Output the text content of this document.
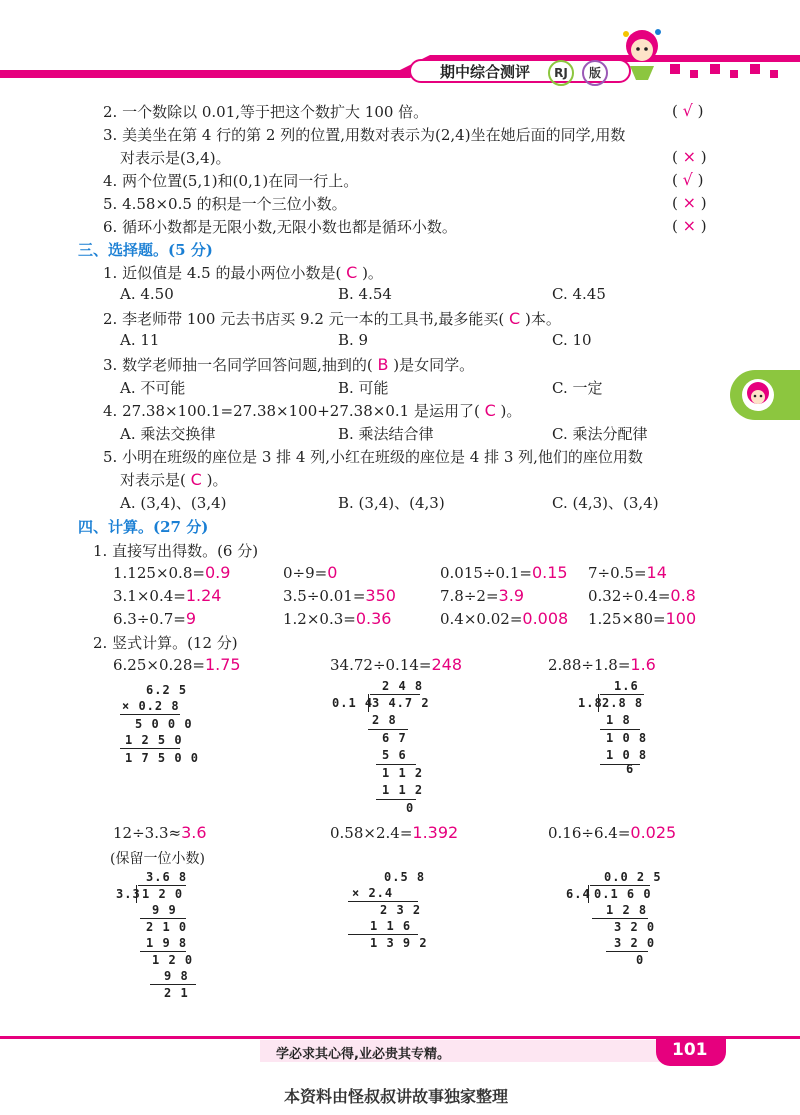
期中综合测评	RJ	版
2. 一个数除以 0.01,等于把这个数扩大 100 倍。	( √ )
3. 美美坐在第 4 行的第 2 列的位置,用数对表示为(2,4)坐在她后面的同学,用数
对表示是(3,4)。	( × )
4. 两个位置(5,1)和(0,1)在同一行上。	( √ )
5. 4.58×0.5 的积是一个三位小数。	( × )
6. 循环小数都是无限小数,无限小数也都是循环小数。	( × )
三、选择题。(5 分)
1. 近似值是 4.5 的最小两位小数是( C )。
A. 4.50	B. 4.54	C. 4.45
2. 李老师带 100 元去书店买 9.2 元一本的工具书,最多能买( C )本。
A. 11	B. 9	C. 10
3. 数学老师抽一名同学回答问题,抽到的( B )是女同学。
A. 不可能	B. 可能	C. 一定
4. 27.38×100.1=27.38×100+27.38×0.1 是运用了( C )。
A. 乘法交换律	B. 乘法结合律	C. 乘法分配律
5. 小明在班级的座位是 3 排 4 列,小红在班级的座位是 4 排 3 列,他们的座位用数
对表示是( C )。
A. (3,4)、(3,4)	B. (3,4)、(4,3)	C. (4,3)、(3,4)
四、计算。(27 分)
1. 直接写出得数。(6 分)
1.125×0.8=0.9	0÷9=0	0.015÷0.1=0.15 7÷0.5=14
3.1×0.4=1.24	3.5÷0.01=350	7.8÷2=3.9	0.32÷0.4=0.8
6.3÷0.7=9	1.2×0.3=0.36	0.4×0.02=0.008 1.25×80=100
2. 竖式计算。(12 分)
6.25×0.28=1.75	34.72÷0.14=248	2.88÷1.8=1.6
6.2 5
× 0.2 8
5 0 0 0
1 2 5 0
1 7 5 0 0
2 4 8
0.1 4
3 4.7 2
2 8
6 7
5 6
1 1 2
1 1 2
0
1.6
1.8 2.8 8
1 8
1 0 8
1 0 8
6
12÷3.3≈3.6	0.58×2.4=1.392	0.16÷6.4=0.025
(保留一位小数)
3.6 8
3.3 1 2 0
9 9
2 1 0
1 9 8
1 2 0
9 8
2 1
0.5 8
× 2.4
2 3 2
1 1 6
1 3 9 2
0.0 2 5
6.4 0.1 6 0
1 2 8
3 2 0
3 2 0
0
学必求其心得,业必贵其专精。	101
本资料由怪叔叔讲故事独家整理
